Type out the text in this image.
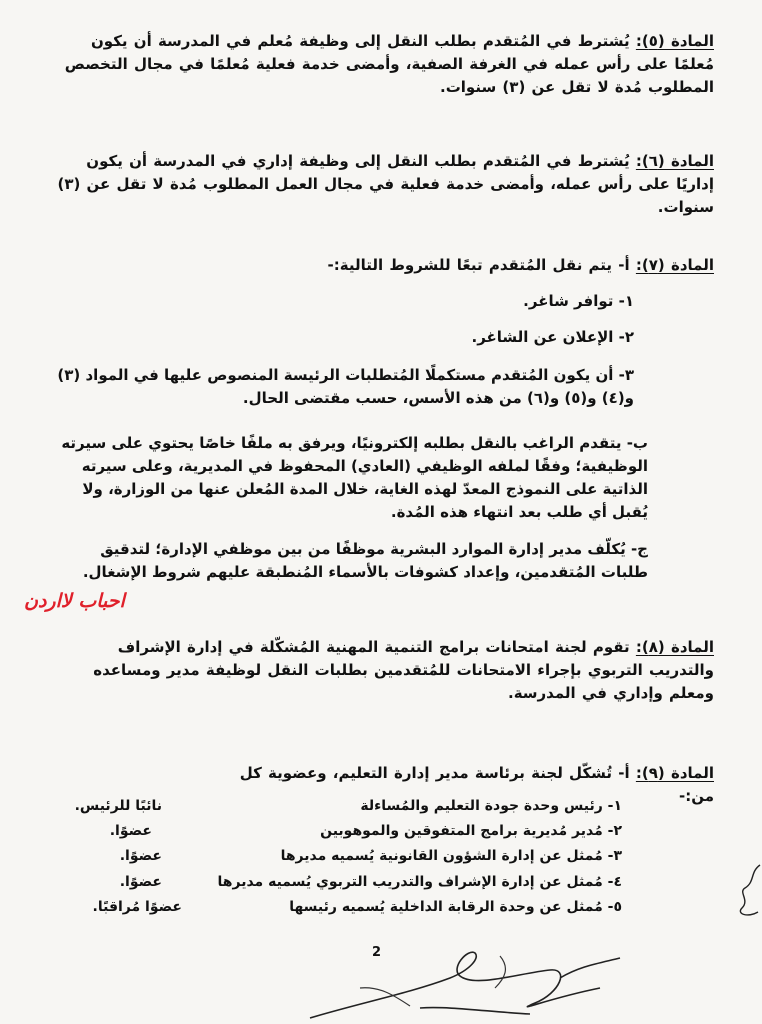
المادة (٥): يُشترط في المُتقدم بطلب النقل إلى وظيفة مُعلم في المدرسة أن يكون مُعلمًا على رأس عمله في الغرفة الصفية، وأمضى خدمة فعلية مُعلمًا في مجال التخصص المطلوب مُدة لا تقل عن (٣) سنوات.
المادة (٦): يُشترط في المُتقدم بطلب النقل إلى وظيفة إداري في المدرسة أن يكون إداريًا على رأس عمله، وأمضى خدمة فعلية في مجال العمل المطلوب مُدة لا تقل عن (٣) سنوات.
المادة (٧): أ- يتم نقل المُتقدم تبعًا للشروط التالية:-
١- توافر شاغر.
٢- الإعلان عن الشاغر.
٣- أن يكون المُتقدم مستكملًا المُتطلبات الرئيسة المنصوص عليها في المواد (٣) و(٤) و(٥) و(٦) من هذه الأسس، حسب مقتضى الحال.
ب- يتقدم الراغب بالنقل بطلبه إلكترونيًا، ويرفق به ملفًا خاصًا يحتوي على سيرته الوظيفية؛ وفقًا لملفه الوظيفي (العادي) المحفوظ في المديرية، وعلى سيرته الذاتية على النموذج المعدّ لهذه الغاية، خلال المدة المُعلن عنها من الوزارة، ولا يُقبل أي طلب بعد انتهاء هذه المُدة.
ج- يُكلّف مدير إدارة الموارد البشرية موظفًا من بين موظفي الإدارة؛ لتدقيق طلبات المُتقدمين، وإعداد كشوفات بالأسماء المُنطبقة عليهم شروط الإشغال.
احباب لااردن
المادة (٨): تقوم لجنة امتحانات برامج التنمية المهنية المُشكّلة في إدارة الإشراف والتدريب التربوي بإجراء الامتحانات للمُتقدمين بطلبات النقل لوظيفة مدير ومساعده ومعلم وإداري في المدرسة.
المادة (٩): أ- تُشكّل لجنة برئاسة مدير إدارة التعليم، وعضوية كل من:-
١- رئيس وحدة جودة التعليم والمُساءلة
نائبًا للرئيس.
٢- مُدير مُديرية برامج المتفوقين والموهوبين
عضوًا.
٣- مُمثل عن إدارة الشؤون القانونية يُسميه مديرها
عضوًا.
٤- مُمثل عن إدارة الإشراف والتدريب التربوي يُسميه مديرها
عضوًا.
٥- مُمثل عن وحدة الرقابة الداخلية يُسميه رئيسها
عضوًا مُراقبًا.
2
